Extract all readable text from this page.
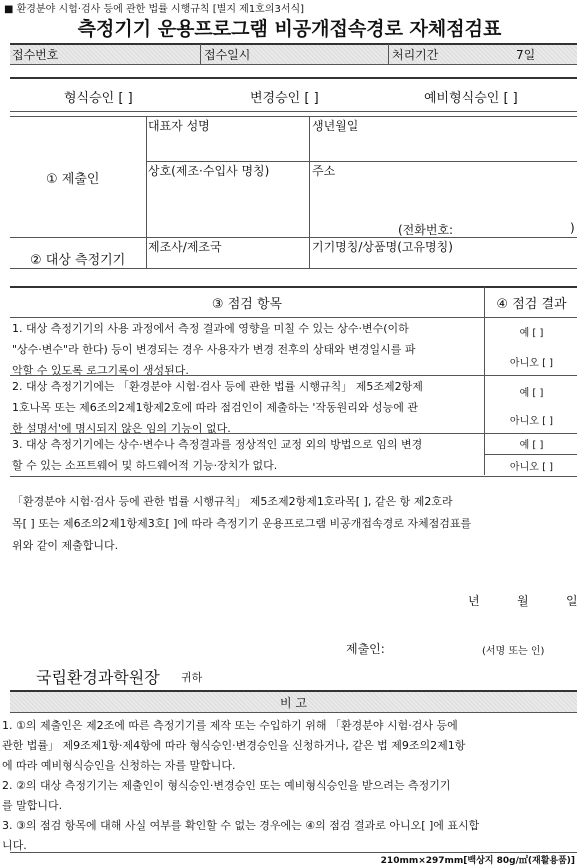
■ 환경분야 시험·검사 등에 관한 법률 시행규칙 [별지 제1호의3서식]
측정기기 운용프로그램 비공개접속경로 자체점검표
접수번호	접수일시	처리기간	7일
형식승인 [ ]	변경승인 [ ]	예비형식승인 [ ]
① 제출인
대표자 성명	생년월일
상호(제조·수입사 명칭)	주소
(전화번호:	)
② 대상 측정기기
제조사/제조국	기기명칭/상품명(고유명칭)
③ 점검 항목	④ 점검 결과
1. 대상 측정기기의 사용 과정에서 측정 결과에 영향을 미칠 수 있는 상수·변수(이하
"상수·변수"라 한다) 등이 변경되는 경우 사용자가 변경 전후의 상태와 변경일시를 파
악할 수 있도록 로그기록이 생성된다.
예 [ ]
아니오 [ ]
2. 대상 측정기기에는 「환경분야 시험·검사 등에 관한 법률 시행규칙」 제5조제2항제
1호나목 또는 제6조의2제1항제2호에 따라 점검인이 제출하는 '작동원리와 성능에 관
한 설명서'에 명시되지 않은 임의 기능이 없다.
예 [ ]
아니오 [ ]
3. 대상 측정기기에는 상수·변수나 측정결과를 정상적인 교정 외의 방법으로 임의 변경
할 수 있는 소프트웨어 및 하드웨어적 기능·장치가 없다.
예 [ ]
아니오 [ ]
「환경분야 시험·검사 등에 관한 법률 시행규칙」 제5조제2항제1호라목[ ], 같은 항 제2호라
목[ ] 또는 제6조의2제1항제3호[ ]에 따라 측정기기 운용프로그램 비공개접속경로 자체점검표를
위와 같이 제출합니다.
년	월	일
제출인:	(서명 또는 인)
국립환경과학원장 귀하
비 고
1. ①의 제출인은 제2조에 따른 측정기기를 제작 또는 수입하기 위해 「환경분야 시험·검사 등에
관한 법률」 제9조제1항·제4항에 따라 형식승인·변경승인을 신청하거나, 같은 법 제9조의2제1항
에 따라 예비형식승인을 신청하는 자를 말합니다.
2. ②의 대상 측정기기는 제출인이 형식승인·변경승인 또는 예비형식승인을 받으려는 측정기기
를 말합니다.
3. ③의 점검 항목에 대해 사실 여부를 확인할 수 없는 경우에는 ④의 점검 결과로 아니오[ ]에 표시합
니다.
210mm×297mm[백상지 80g/㎡(재활용품)]
